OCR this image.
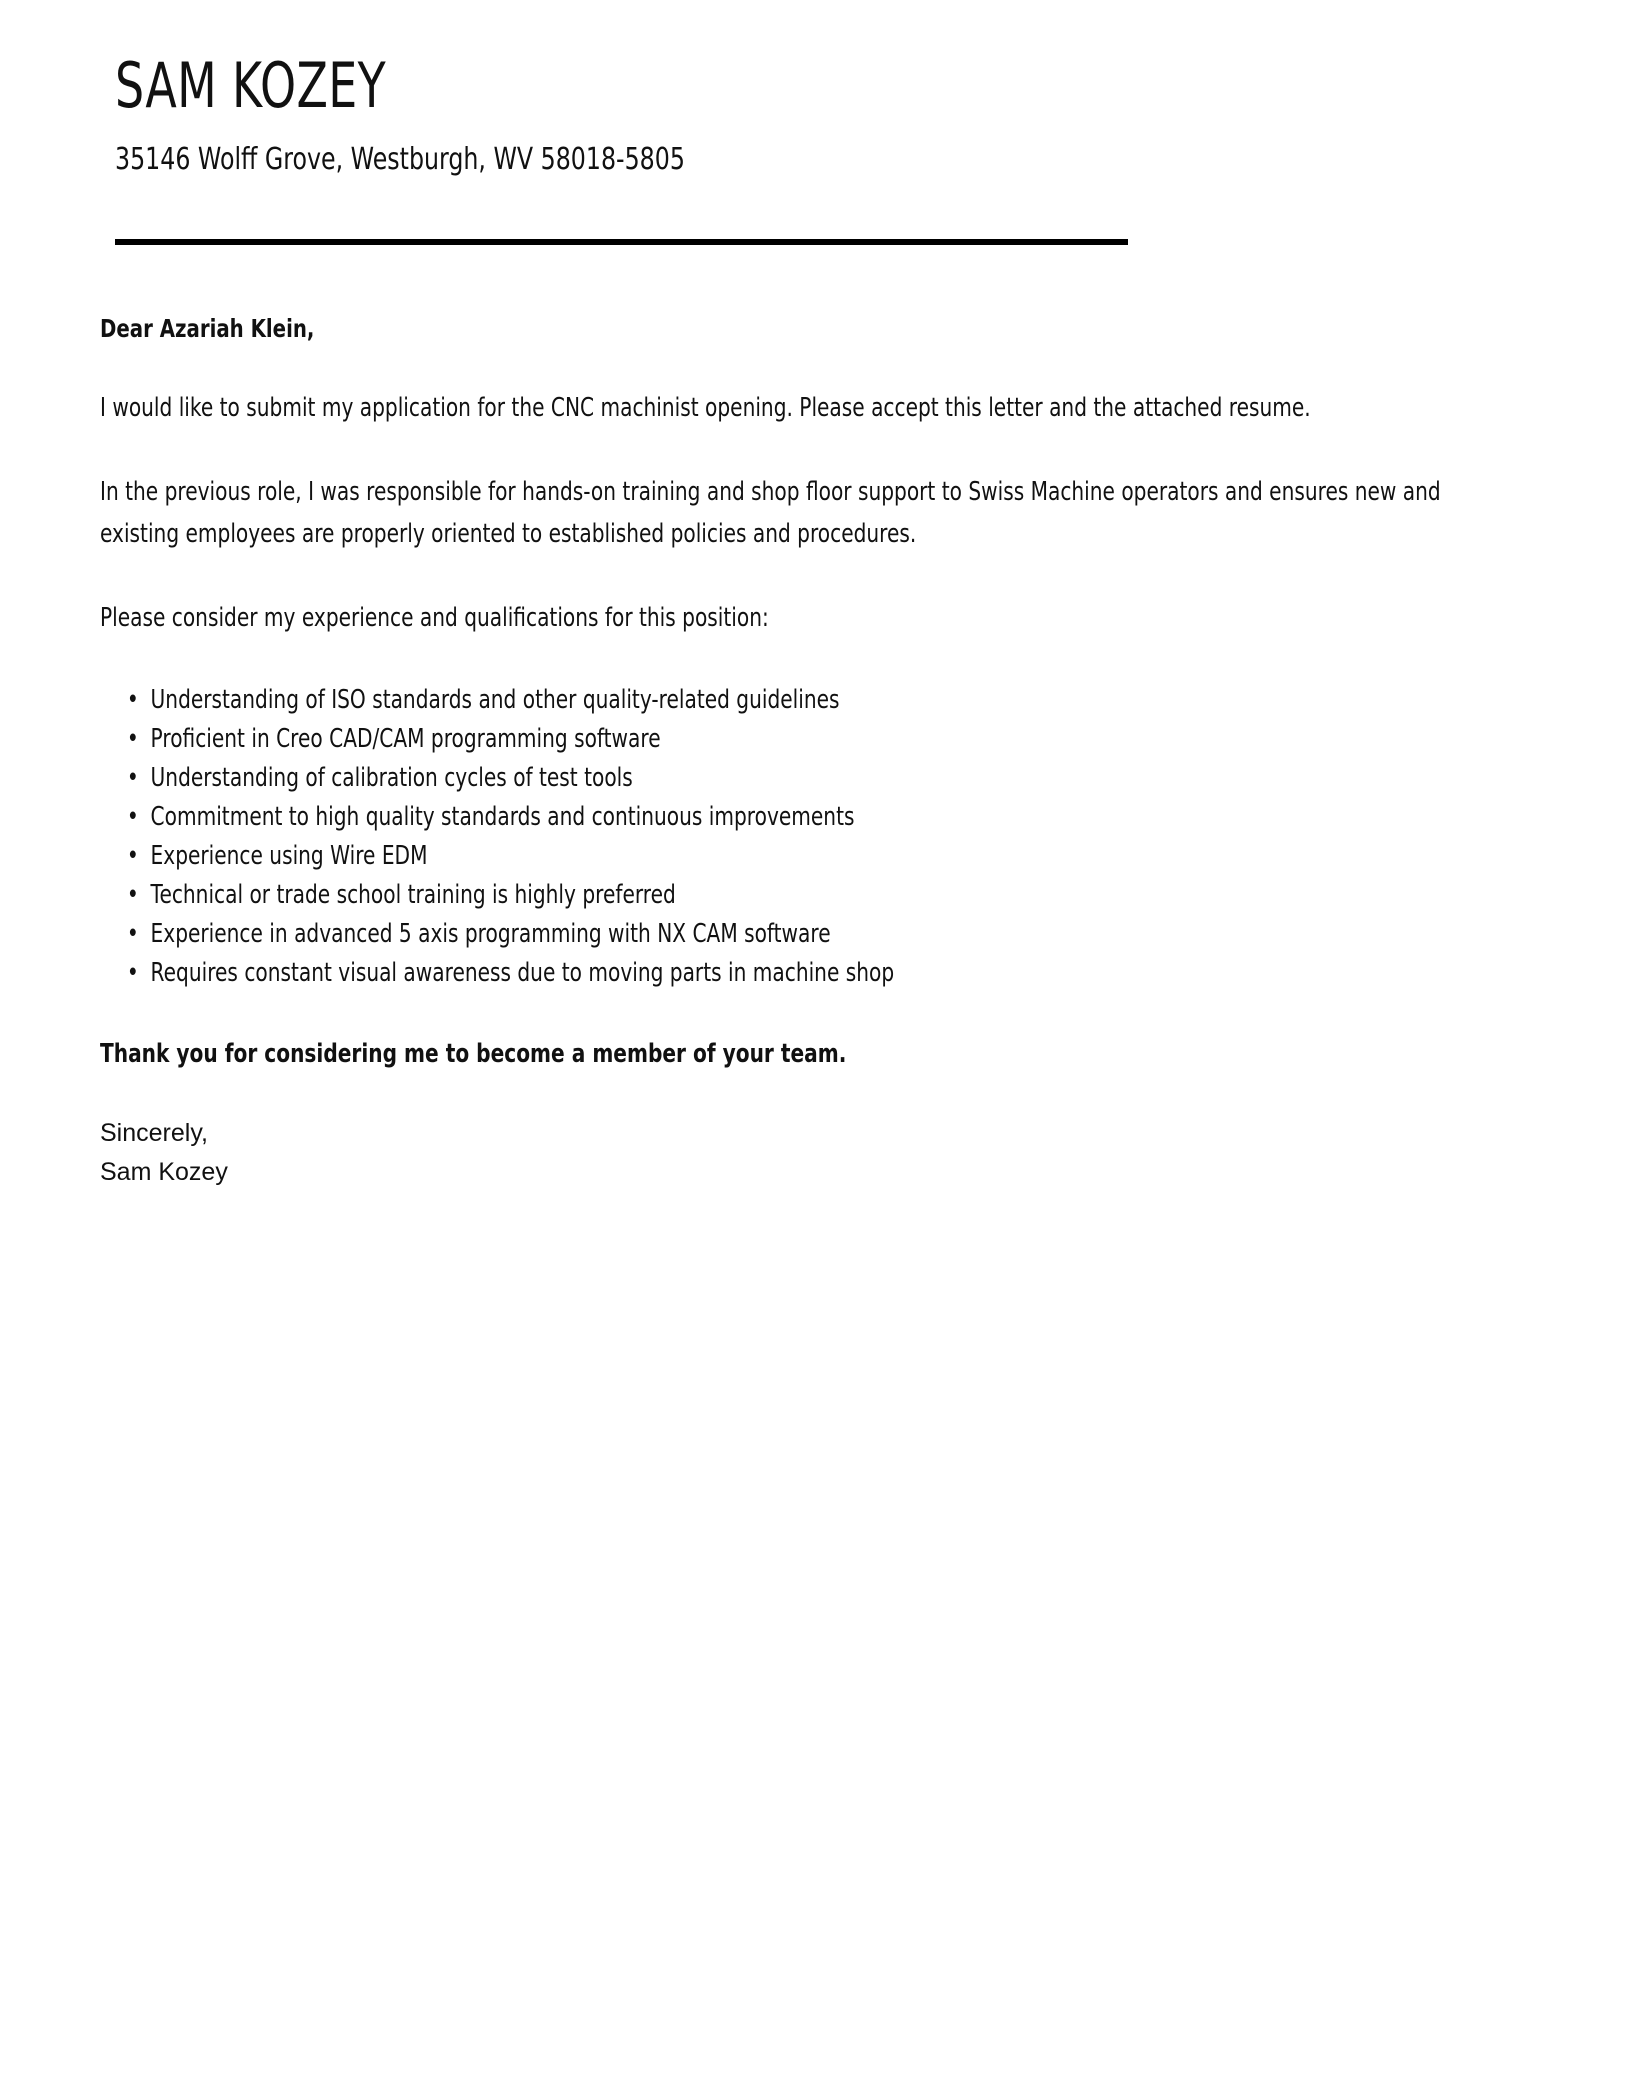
SAM KOZEY

35146 Wolff Grove, Westburgh, WV 58018-5805

Dear Azariah Klein,

I would like to submit my application for the CNC machinist opening. Please accept this letter and the attached resume.

In the previous role, I was responsible for hands-on training and shop floor support to Swiss Machine operators and ensures new and existing employees are properly oriented to established policies and procedures.

Please consider my experience and qualifications for this position:

• Understanding of ISO standards and other quality-related guidelines
• Proficient in Creo CAD/CAM programming software
• Understanding of calibration cycles of test tools
• Commitment to high quality standards and continuous improvements
• Experience using Wire EDM
• Technical or trade school training is highly preferred
• Experience in advanced 5 axis programming with NX CAM software
• Requires constant visual awareness due to moving parts in machine shop

Thank you for considering me to become a member of your team.

Sincerely,

Sam Kozey
